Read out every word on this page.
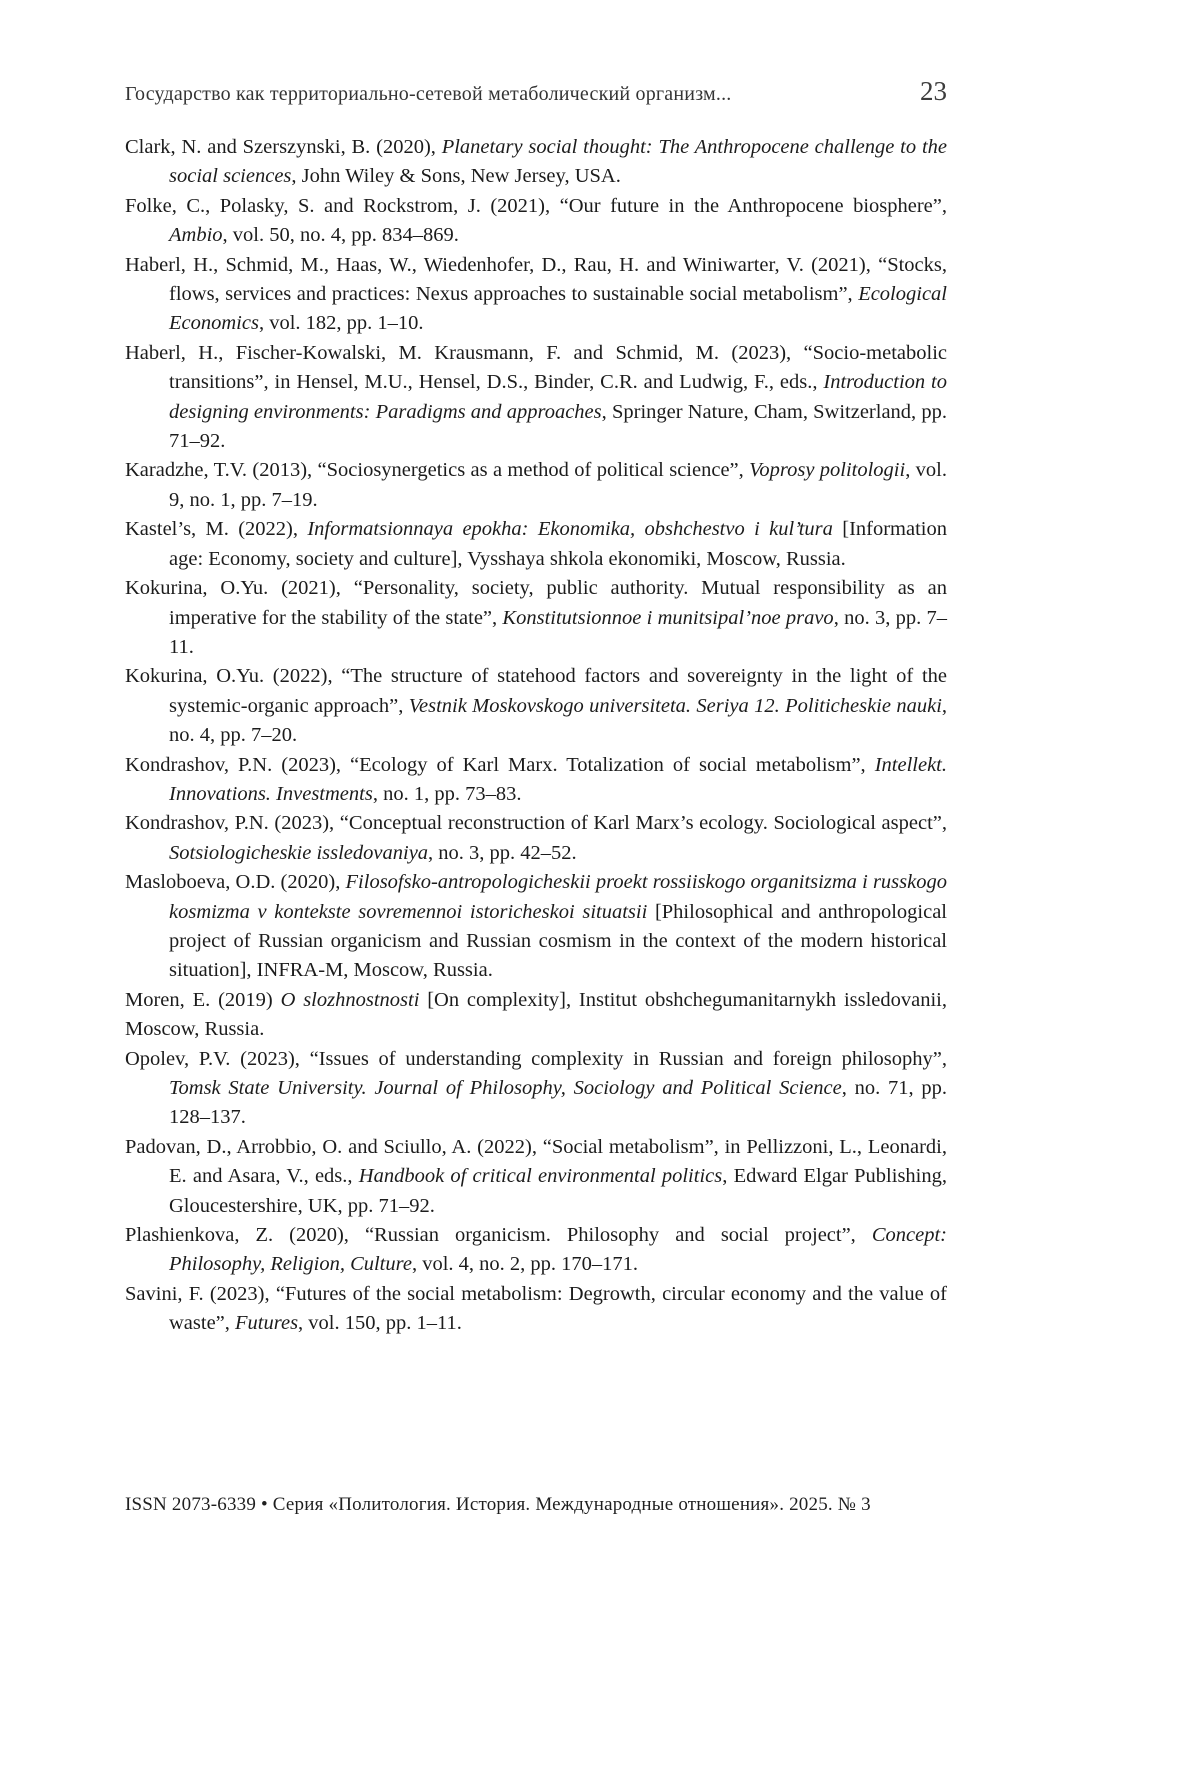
Государство как территориально-сетевой метаболический организм...	23

Clark, N. and Szerszynski, B. (2020), Planetary social thought: The Anthropocene challenge to the social sciences, John Wiley & Sons, New Jersey, USA.

Folke, C., Polasky, S. and Rockstrom, J. (2021), “Our future in the Anthropocene biosphere”, Ambio, vol. 50, no. 4, pp. 834–869.

Haberl, H., Schmid, M., Haas, W., Wiedenhofer, D., Rau, H. and Winiwarter, V. (2021), “Stocks, flows, services and practices: Nexus approaches to sustainable social metabolism”, Ecological Economics, vol. 182, pp. 1–10.

Haberl, H., Fischer-Kowalski, M. Krausmann, F. and Schmid, M. (2023), “Socio-metabolic transitions”, in Hensel, M.U., Hensel, D.S., Binder, C.R. and Ludwig, F., eds., Introduction to designing environments: Paradigms and approaches, Springer Nature, Cham, Switzerland, pp. 71–92.

Karadzhe, T.V. (2013), “Sociosynergetics as a method of political science”, Voprosy politologii, vol. 9, no. 1, pp. 7–19.

Kastel’s, M. (2022), Informatsionnaya epokha: Ekonomika, obshchestvo i kul’tura [Information age: Economy, society and culture], Vysshaya shkola ekonomiki, Moscow, Russia.

Kokurina, O.Yu. (2021), “Personality, society, public authority. Mutual responsibility as an imperative for the stability of the state”, Konstitutsionnoe i munitsipal’noe pravo, no. 3, pp. 7–11.

Kokurina, O.Yu. (2022), “The structure of statehood factors and sovereignty in the light of the systemic-organic approach”, Vestnik Moskovskogo universiteta. Seriya 12. Politicheskie nauki, no. 4, pp. 7–20.

Kondrashov, P.N. (2023), “Ecology of Karl Marx. Totalization of social metabolism”, Intellekt. Innovations. Investments, no. 1, pp. 73–83.

Kondrashov, P.N. (2023), “Conceptual reconstruction of Karl Marx’s ecology. Sociological aspect”, Sotsiologicheskie issledovaniya, no. 3, pp. 42–52.

Masloboeva, O.D. (2020), Filosofsko-antropologicheskii proekt rossiiskogo organitsizma i russkogo kosmizma v kontekste sovremennoi istoricheskoi situatsii [Philosophical and anthropological project of Russian organicism and Russian cosmism in the context of the modern historical situation], INFRA-M, Moscow, Russia.

Moren, E. (2019) O slozhnostnosti [On complexity], Institut obshchegumanitarnykh issledovanii, Moscow, Russia.

Opolev, P.V. (2023), “Issues of understanding complexity in Russian and foreign philosophy”, Tomsk State University. Journal of Philosophy, Sociology and Political Science, no. 71, pp. 128–137.

Padovan, D., Arrobbio, O. and Sciullo, A. (2022), “Social metabolism”, in Pellizzoni, L., Leonardi, E. and Asara, V., eds., Handbook of critical environmental politics, Edward Elgar Publishing, Gloucestershire, UK, pp. 71–92.

Plashienkova, Z. (2020), “Russian organicism. Philosophy and social project”, Concept: Philosophy, Religion, Culture, vol. 4, no. 2, pp. 170–171.

Savini, F. (2023), “Futures of the social metabolism: Degrowth, circular economy and the value of waste”, Futures, vol. 150, pp. 1–11.

ISSN 2073-6339 • Серия «Политология. История. Международные отношения». 2025. № 3
